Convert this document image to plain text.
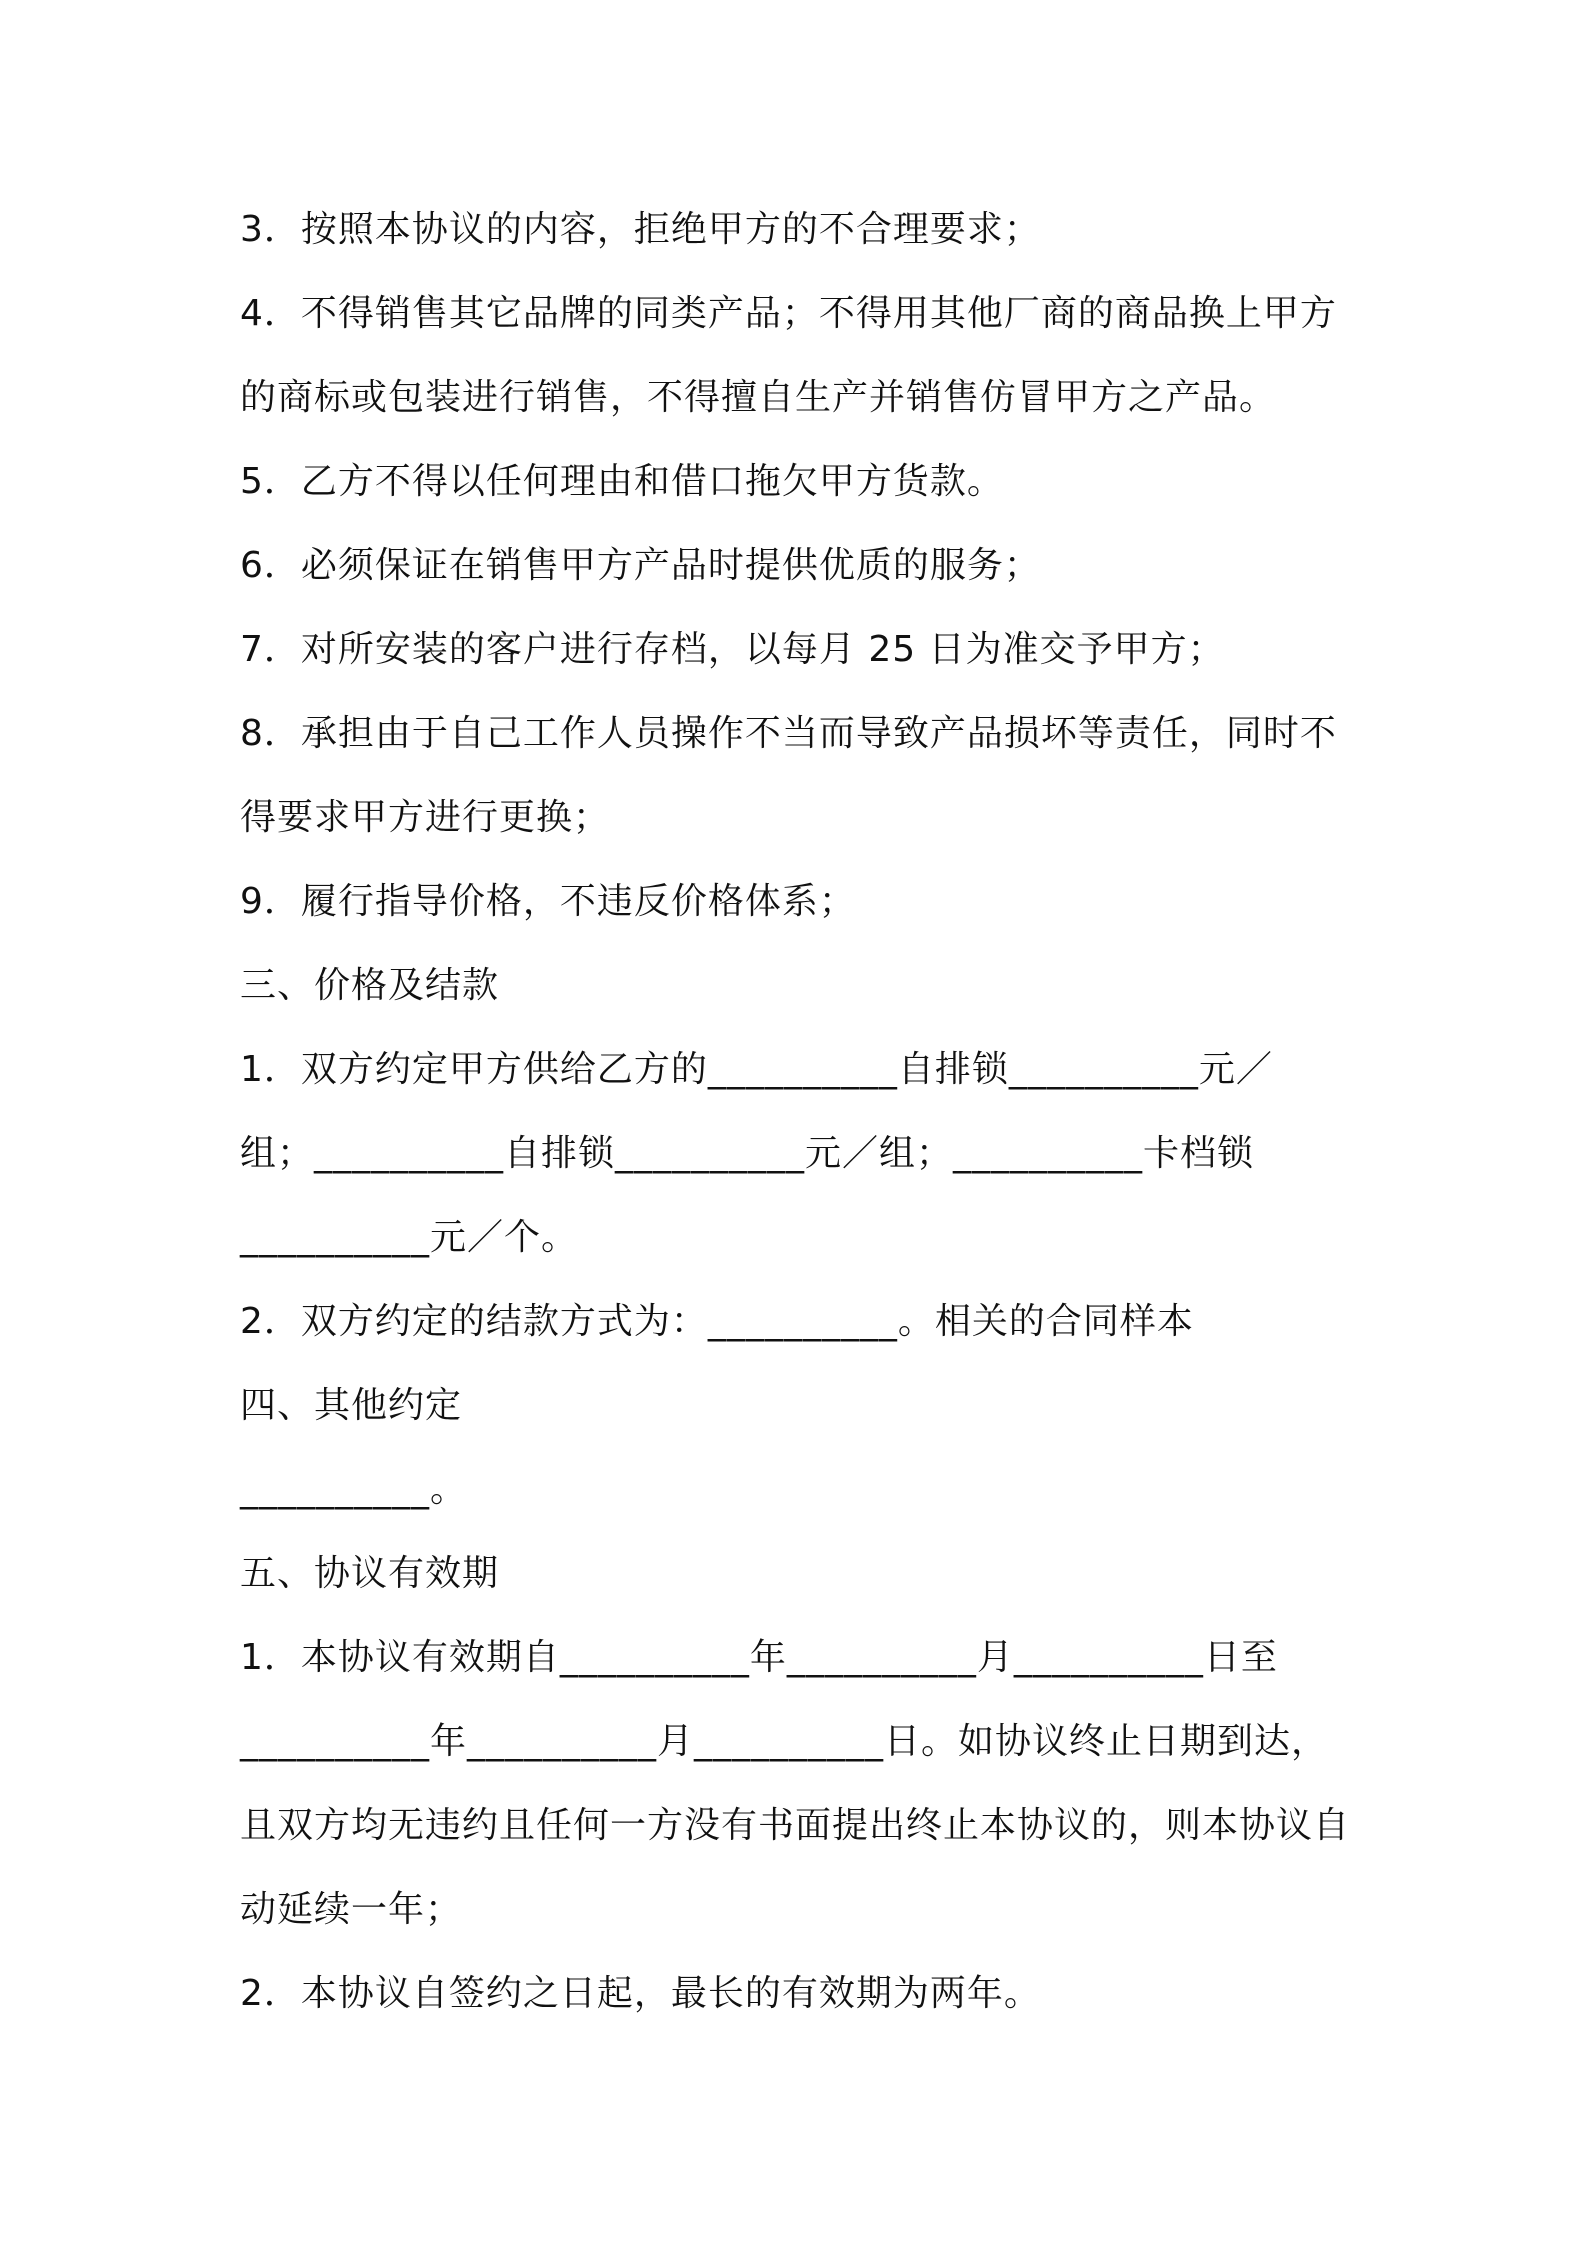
3．按照本协议的内容，拒绝甲方的不合理要求；
4．不得销售其它品牌的同类产品；不得用其他厂商的商品换上甲方
的商标或包装进行销售，不得擅自生产并销售仿冒甲方之产品。
5．乙方不得以任何理由和借口拖欠甲方货款。
6．必须保证在销售甲方产品时提供优质的服务；
7．对所安装的客户进行存档，以每月 25 日为准交予甲方；
8．承担由于自己工作人员操作不当而导致产品损坏等责任，同时不
得要求甲方进行更换；
9．履行指导价格，不违反价格体系；
三、价格及结款
1．双方约定甲方供给乙方的__________自排锁__________元／
组；__________自排锁__________元／组；__________卡档锁
__________元／个。
2．双方约定的结款方式为：__________。相关的合同样本
四、其他约定
__________。
五、协议有效期
1．本协议有效期自__________年__________月__________日至
__________年__________月__________日。如协议终止日期到达，
且双方均无违约且任何一方没有书面提出终止本协议的，则本协议自
动延续一年；
2．本协议自签约之日起，最长的有效期为两年。
